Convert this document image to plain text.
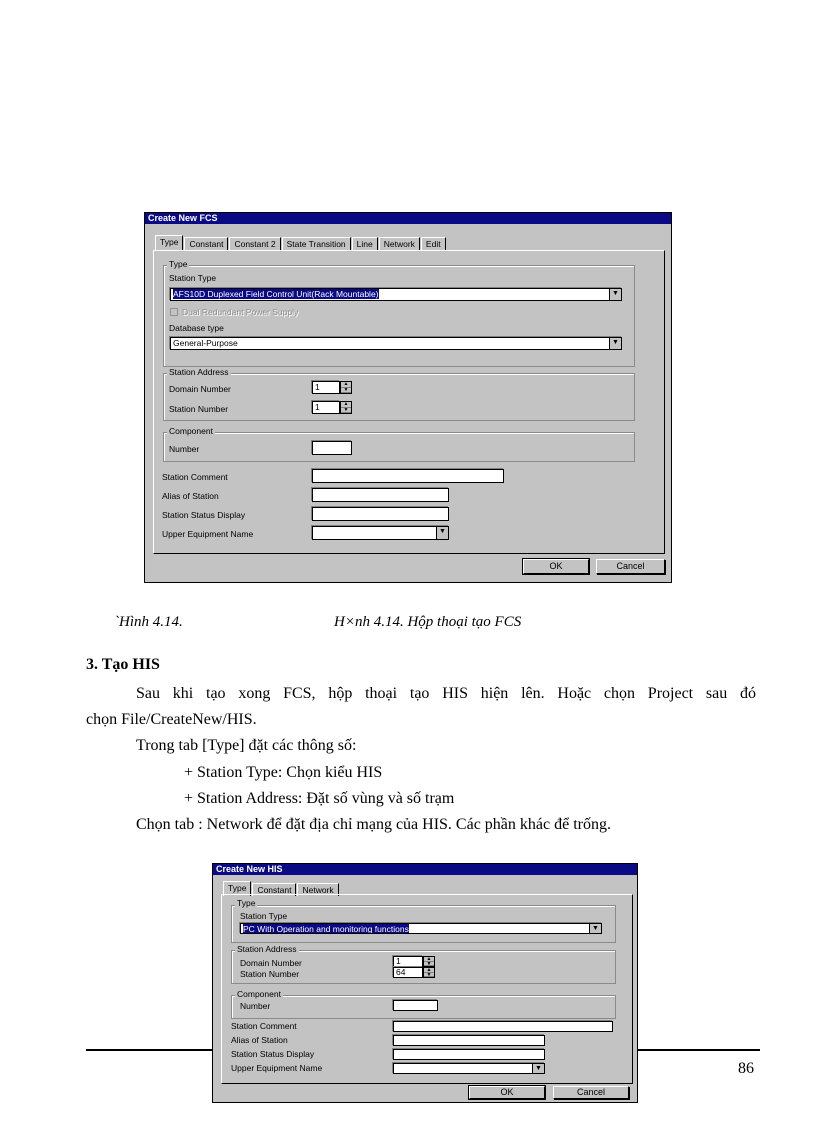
Create New FCS
Type	Constant	Constant 2	State Transition	Line	Network	Edit
Type
Station Type
AFS10D Duplexed Field Control Unit(Rack Mountable)	▼
Dual Redundant Power Supply
Database type
General-Purpose	▼
Station Address
Domain Number	1	▲
▼
Station Number	1	▲
▼
Component
Number
Station Comment
Alias of Station
Station Status Display
Upper Equipment Name	▼
OK	Cancel
`Hình 4.14.	H×nh 4.14. Hộp thoại tạo FCS
3. Tạo HIS
Sau khi tạo xong FCS, hộp thoại tạo HIS hiện lên. Hoặc chọn Project sau đó
chọn File/CreateNew/HIS.
Trong tab [Type] đặt các thông số:
+ Station Type: Chọn kiểu HIS
+ Station Address: Đặt số vùng và số trạm
Chọn tab : Network để đặt địa chỉ mạng của HIS. Các phần khác để trống.
86
Create New HIS
Type	Constant	Network
Type
Station Type
PC With Operation and monitoring functions	▼
Station Address
Domain Number	1	▲
▼
Station Number	64	▲
▼
Component
Number
Station Comment
Alias of Station
Station Status Display
Upper Equipment Name	▼
OK	Cancel
